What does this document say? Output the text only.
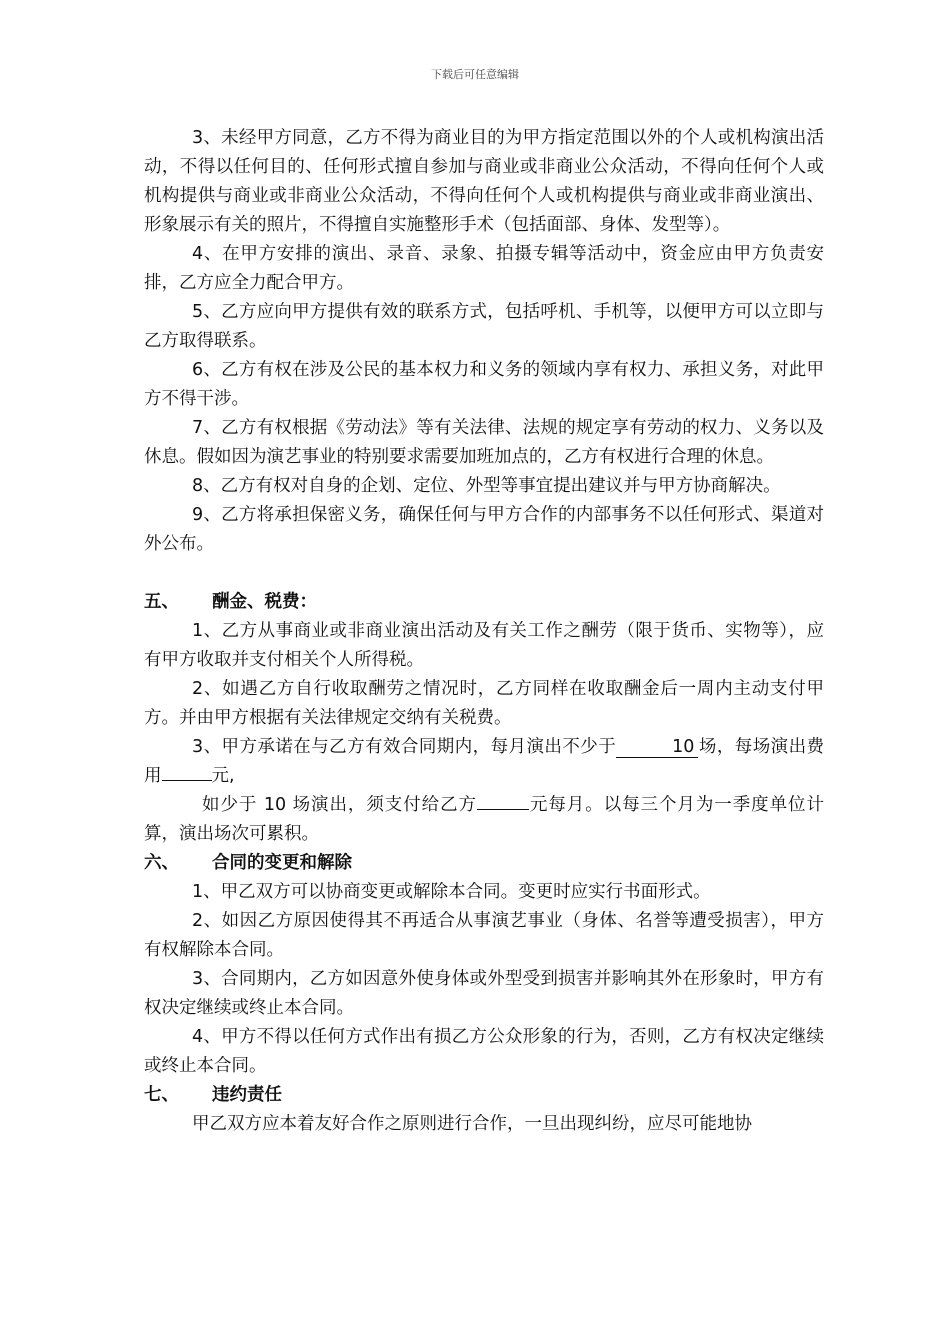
下载后可任意编辑

3、未经甲方同意，乙方不得为商业目的为甲方指定范围以外的个人或机构演出活动，不得以任何目的、任何形式擅自参加与商业或非商业公众活动，不得向任何个人或机构提供与商业或非商业公众活动，不得向任何个人或机构提供与商业或非商业演出、形象展示有关的照片，不得擅自实施整形手术（包括面部、身体、发型等）。

4、在甲方安排的演出、录音、录象、拍摄专辑等活动中，资金应由甲方负责安排，乙方应全力配合甲方。

5、乙方应向甲方提供有效的联系方式，包括呼机、手机等，以便甲方可以立即与乙方取得联系。

6、乙方有权在涉及公民的基本权力和义务的领域内享有权力、承担义务，对此甲方不得干涉。

7、乙方有权根据《劳动法》等有关法律、法规的规定享有劳动的权力、义务以及休息。假如因为演艺事业的特别要求需要加班加点的，乙方有权进行合理的休息。

8、乙方有权对自身的企划、定位、外型等事宜提出建议并与甲方协商解决。

9、乙方将承担保密义务，确保任何与甲方合作的内部事务不以任何形式、渠道对外公布。

五、 酬金、税费：

1、乙方从事商业或非商业演出活动及有关工作之酬劳（限于货币、实物等），应有甲方收取并支付相关个人所得税。

2、如遇乙方自行收取酬劳之情况时，乙方同样在收取酬金后一周内主动支付甲方。并由甲方根据有关法律规定交纳有关税费。

3、甲方承诺在与乙方有效合同期内，每月演出不少于	10 场，每场演出费用	元,

如少于 10 场演出，须支付给乙方	元每月。以每三个月为一季度单位计算，演出场次可累积。

六、 合同的变更和解除

1、甲乙双方可以协商变更或解除本合同。变更时应实行书面形式。

2、如因乙方原因使得其不再适合从事演艺事业（身体、名誉等遭受损害），甲方有权解除本合同。

3、合同期内，乙方如因意外使身体或外型受到损害并影响其外在形象时，甲方有权决定继续或终止本合同。

4、甲方不得以任何方式作出有损乙方公众形象的行为，否则，乙方有权决定继续或终止本合同。

七、 违约责任

甲乙双方应本着友好合作之原则进行合作，一旦出现纠纷，应尽可能地协
